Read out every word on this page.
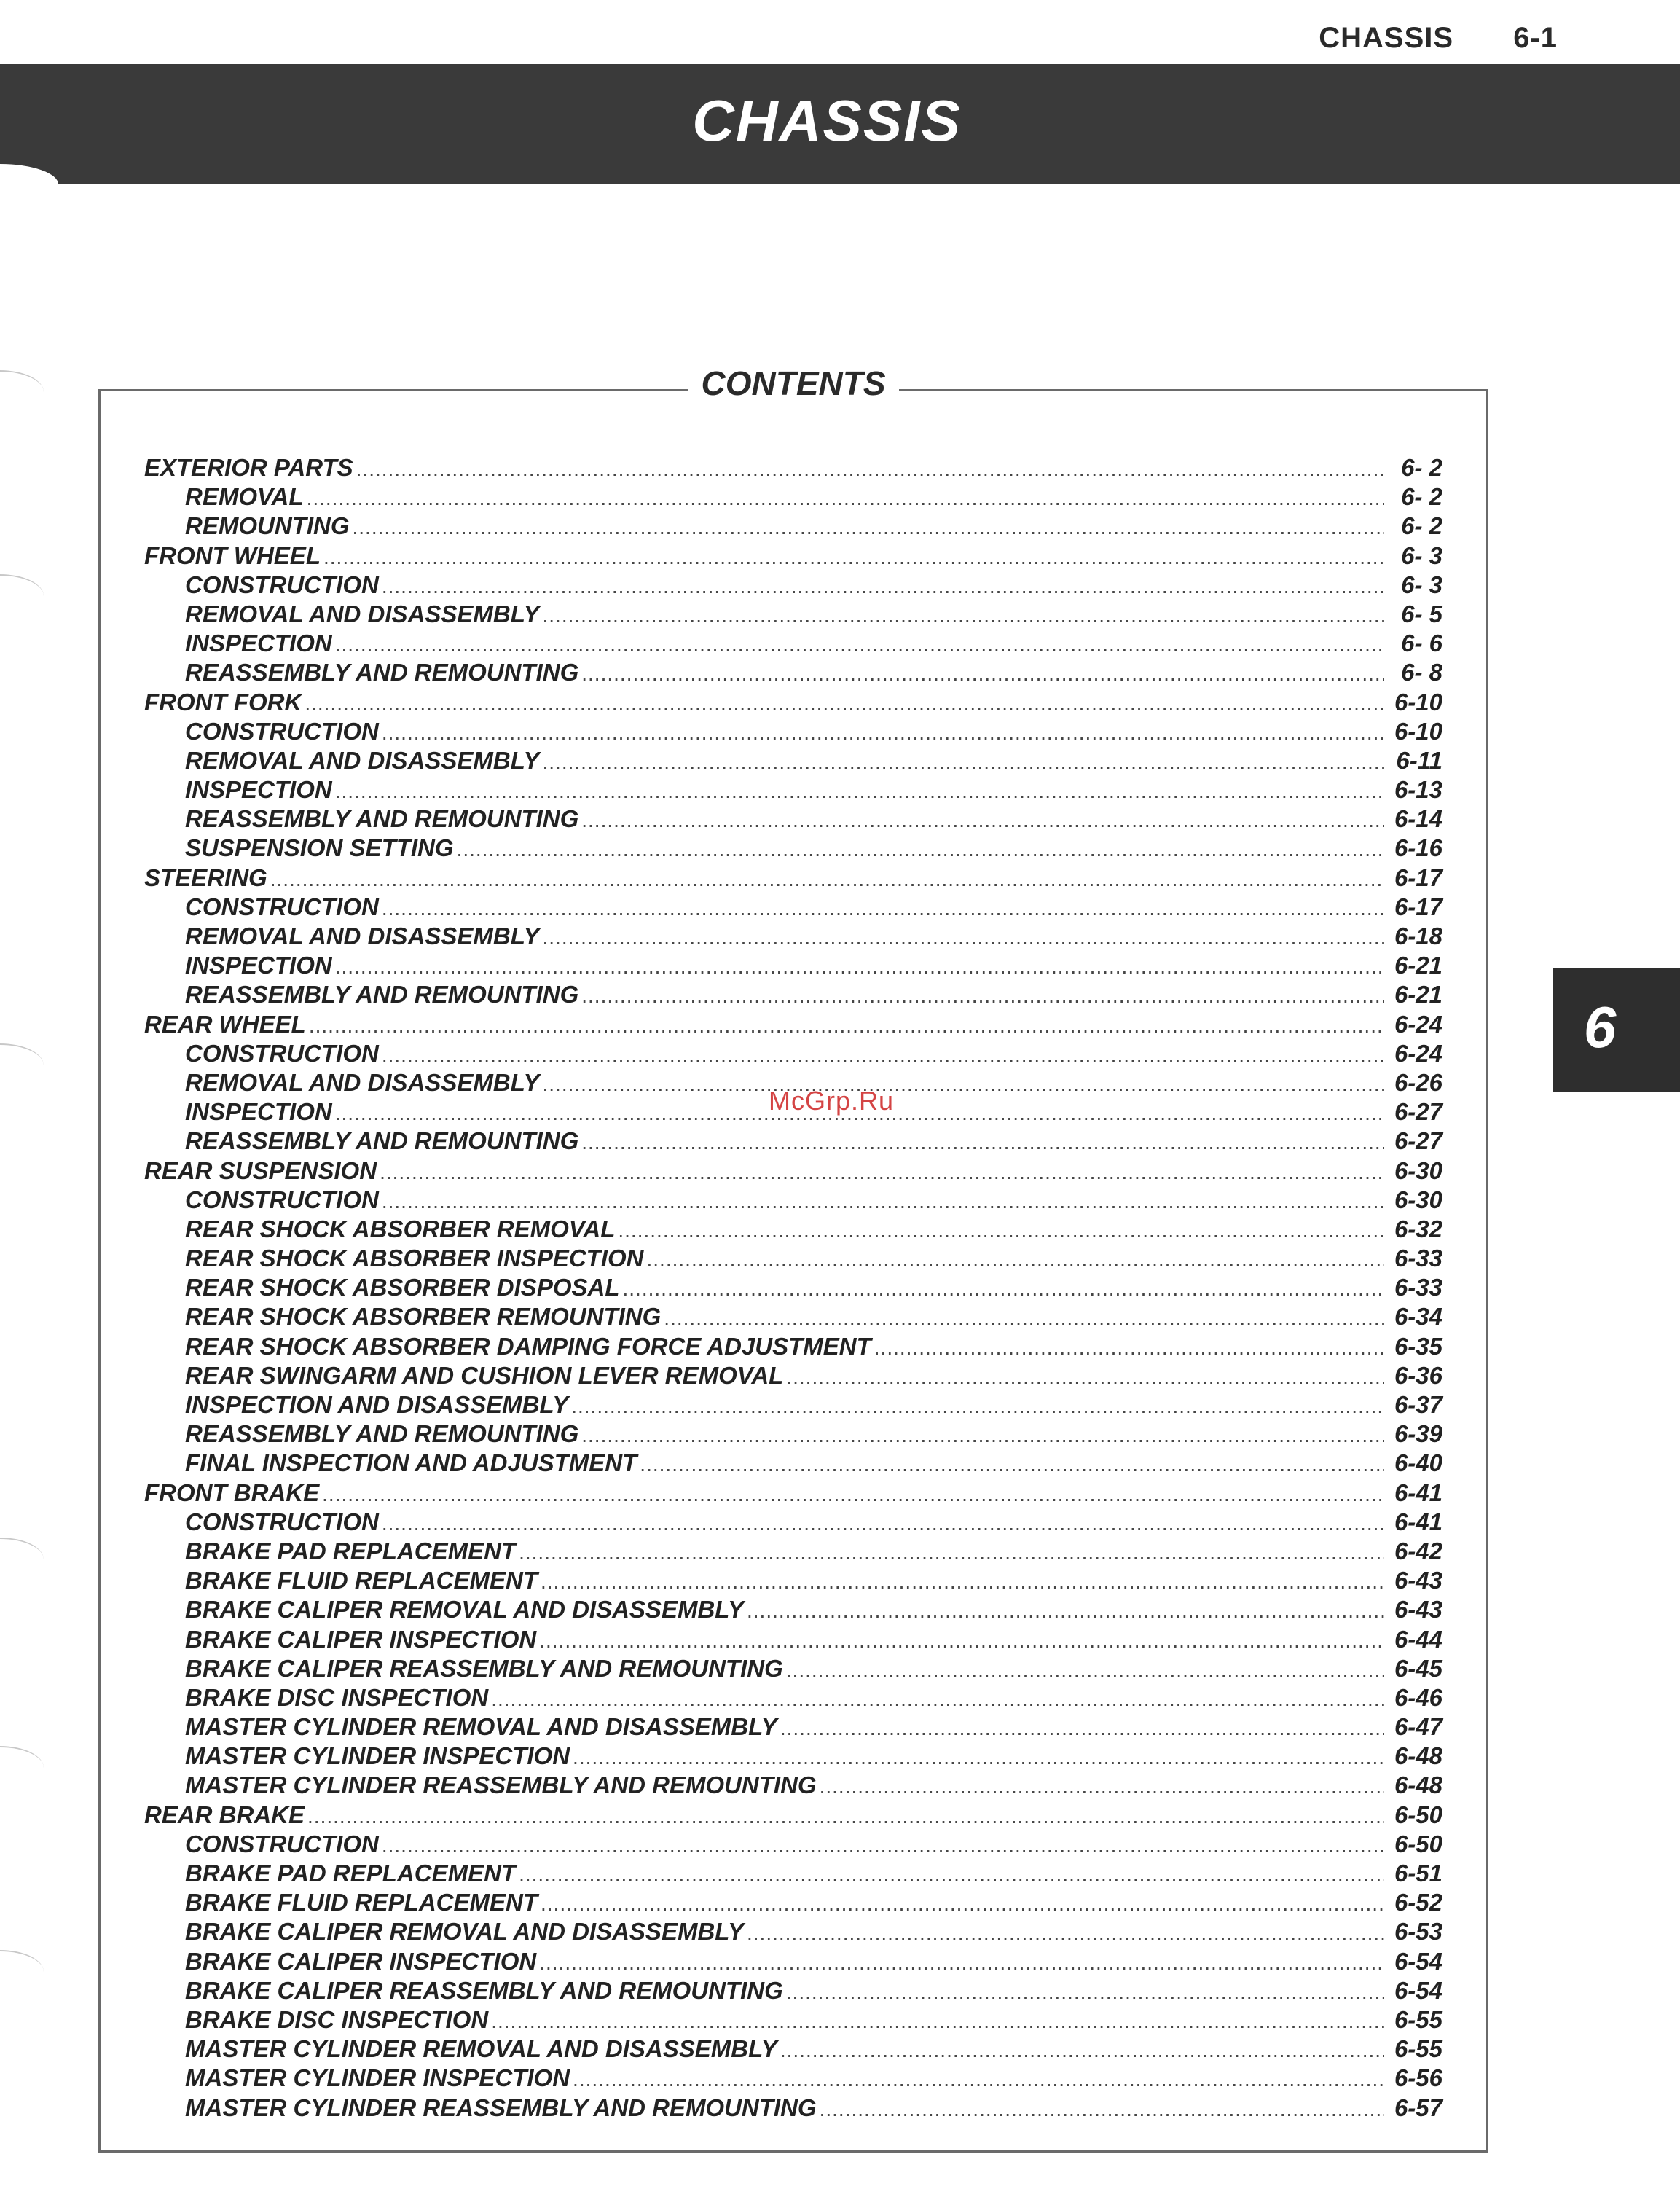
CHASSIS 6-1
CHASSIS
CONTENTS
EXTERIOR PARTS .....	6- 2
REMOVAL .....	6- 2
REMOUNTING .....	6- 2
FRONT WHEEL .....	6- 3
CONSTRUCTION .....	6- 3
REMOVAL AND DISASSEMBLY .....	6- 5
INSPECTION .....	6- 6
REASSEMBLY AND REMOUNTING .....	6- 8
FRONT FORK .....	6-10
CONSTRUCTION .....	6-10
REMOVAL AND DISASSEMBLY .....	6-11
INSPECTION .....	6-13
REASSEMBLY AND REMOUNTING .....	6-14
SUSPENSION SETTING .....	6-16
STEERING .....	6-17
CONSTRUCTION .....	6-17
REMOVAL AND DISASSEMBLY .....	6-18
INSPECTION .....	6-21
REASSEMBLY AND REMOUNTING .....	6-21
REAR WHEEL .....	6-24
CONSTRUCTION .....	6-24
REMOVAL AND DISASSEMBLY .....	6-26
INSPECTION .....	6-27
REASSEMBLY AND REMOUNTING .....	6-27
REAR SUSPENSION .....	6-30
CONSTRUCTION .....	6-30
REAR SHOCK ABSORBER REMOVAL .....	6-32
REAR SHOCK ABSORBER INSPECTION .....	6-33
REAR SHOCK ABSORBER DISPOSAL .....	6-33
REAR SHOCK ABSORBER REMOUNTING .....	6-34
REAR SHOCK ABSORBER DAMPING FORCE ADJUSTMENT .....	6-35
REAR SWINGARM AND CUSHION LEVER REMOVAL .....	6-36
INSPECTION AND DISASSEMBLY .....	6-37
REASSEMBLY AND REMOUNTING .....	6-39
FINAL INSPECTION AND ADJUSTMENT .....	6-40
FRONT BRAKE .....	6-41
CONSTRUCTION .....	6-41
BRAKE PAD REPLACEMENT .....	6-42
BRAKE FLUID REPLACEMENT .....	6-43
BRAKE CALIPER REMOVAL AND DISASSEMBLY .....	6-43
BRAKE CALIPER INSPECTION .....	6-44
BRAKE CALIPER REASSEMBLY AND REMOUNTING .....	6-45
BRAKE DISC INSPECTION .....	6-46
MASTER CYLINDER REMOVAL AND DISASSEMBLY .....	6-47
MASTER CYLINDER INSPECTION .....	6-48
MASTER CYLINDER REASSEMBLY AND REMOUNTING .....	6-48
REAR BRAKE .....	6-50
CONSTRUCTION .....	6-50
BRAKE PAD REPLACEMENT .....	6-51
BRAKE FLUID REPLACEMENT .....	6-52
BRAKE CALIPER REMOVAL AND DISASSEMBLY .....	6-53
BRAKE CALIPER INSPECTION .....	6-54
BRAKE CALIPER REASSEMBLY AND REMOUNTING .....	6-54
BRAKE DISC INSPECTION .....	6-55
MASTER CYLINDER REMOVAL AND DISASSEMBLY .....	6-55
MASTER CYLINDER INSPECTION .....	6-56
MASTER CYLINDER REASSEMBLY AND REMOUNTING .....	6-57
McGrp.Ru
6
